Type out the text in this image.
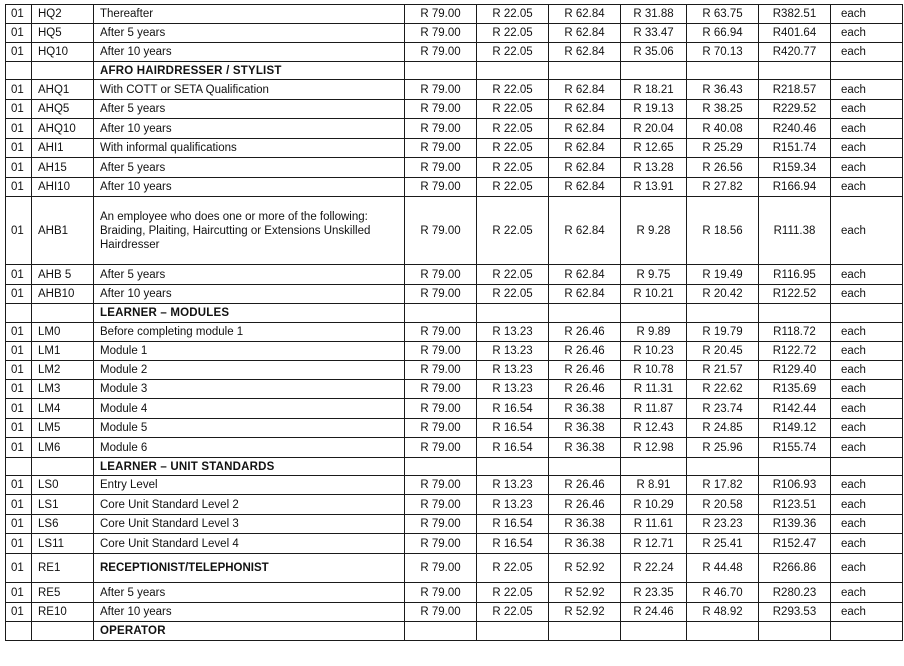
01	HQ2	Thereafter	R 79.00	R 22.05	R 62.84	R 31.88	R 63.75	R382.51	each
01	HQ5	After 5 years	R 79.00	R 22.05	R 62.84	R 33.47	R 66.94	R401.64	each
01	HQ10	After 10 years	R 79.00	R 22.05	R 62.84	R 35.06	R 70.13	R420.77	each
		AFRO HAIRDRESSER / STYLIST							
01	AHQ1	With COTT or SETA Qualification	R 79.00	R 22.05	R 62.84	R 18.21	R 36.43	R218.57	each
01	AHQ5	After 5 years	R 79.00	R 22.05	R 62.84	R 19.13	R 38.25	R229.52	each
01	AHQ10	After 10 years	R 79.00	R 22.05	R 62.84	R 20.04	R 40.08	R240.46	each
01	AHI1	With informal qualifications	R 79.00	R 22.05	R 62.84	R 12.65	R 25.29	R151.74	each
01	AH15	After 5 years	R 79.00	R 22.05	R 62.84	R 13.28	R 26.56	R159.34	each
01	AHI10	After 10 years	R 79.00	R 22.05	R 62.84	R 13.91	R 27.82	R166.94	each
01	AHB1	An employee who does one or more of the following: Braiding, Plaiting, Haircutting or Extensions Unskilled Hairdresser	R 79.00	R 22.05	R 62.84	R 9.28	R 18.56	R111.38	each
01	AHB 5	After 5 years	R 79.00	R 22.05	R 62.84	R 9.75	R 19.49	R116.95	each
01	AHB10	After 10 years	R 79.00	R 22.05	R 62.84	R 10.21	R 20.42	R122.52	each
		LEARNER – MODULES							
01	LM0	Before completing module 1	R 79.00	R 13.23	R 26.46	R 9.89	R 19.79	R118.72	each
01	LM1	Module 1	R 79.00	R 13.23	R 26.46	R 10.23	R 20.45	R122.72	each
01	LM2	Module 2	R 79.00	R 13.23	R 26.46	R 10.78	R 21.57	R129.40	each
01	LM3	Module 3	R 79.00	R 13.23	R 26.46	R 11.31	R 22.62	R135.69	each
01	LM4	Module 4	R 79.00	R 16.54	R 36.38	R 11.87	R 23.74	R142.44	each
01	LM5	Module 5	R 79.00	R 16.54	R 36.38	R 12.43	R 24.85	R149.12	each
01	LM6	Module 6	R 79.00	R 16.54	R 36.38	R 12.98	R 25.96	R155.74	each
		LEARNER – UNIT STANDARDS							
01	LS0	Entry Level	R 79.00	R 13.23	R 26.46	R 8.91	R 17.82	R106.93	each
01	LS1	Core Unit Standard Level 2	R 79.00	R 13.23	R 26.46	R 10.29	R 20.58	R123.51	each
01	LS6	Core Unit Standard Level 3	R 79.00	R 16.54	R 36.38	R 11.61	R 23.23	R139.36	each
01	LS11	Core Unit Standard Level 4	R 79.00	R 16.54	R 36.38	R 12.71	R 25.41	R152.47	each
01	RE1	RECEPTIONIST/TELEPHONIST	R 79.00	R 22.05	R 52.92	R 22.24	R 44.48	R266.86	each
01	RE5	After 5 years	R 79.00	R 22.05	R 52.92	R 23.35	R 46.70	R280.23	each
01	RE10	After 10 years	R 79.00	R 22.05	R 52.92	R 24.46	R 48.92	R293.53	each
		OPERATOR							
